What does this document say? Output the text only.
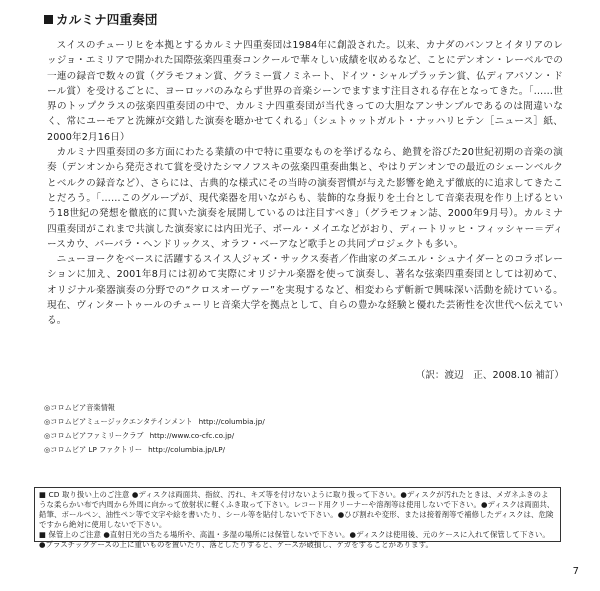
カルミナ四重奏団

スイスのチューリヒを本拠とするカルミナ四重奏団は1984年に創設された。以来、カナダのバンフとイタリアのレッジョ・エミリアで開かれた国際弦楽四重奏コンクールで華々しい成績を収めるなど、ことにデンオン・レーベルでの一連の録音で数々の賞（グラモフォン賞、グラミー賞ノミネート、ドイツ・シャルプラッテン賞、仏ディアパソン・ドール賞）を受けるごとに、ヨーロッパのみならず世界の音楽シーンでますます注目される存在となってきた。「……世界のトップクラスの弦楽四重奏団の中で、カルミナ四重奏団が当代きっての大胆なアンサンブルであるのは間違いなく、常にユーモアと洗練が交錯した演奏を聴かせてくれる」（シュトゥットガルト・ナッハリヒテン［ニュース］紙、2000年2月16日）

カルミナ四重奏団の多方面にわたる業績の中で特に重要なものを挙げるなら、絶賛を浴びた20世紀初期の音楽の演奏（デンオンから発売されて賞を受けたシマノフスキの弦楽四重奏曲集と、やはりデンオンでの最近のシェーンベルクとベルクの録音など）、さらには、古典的な様式にその当時の演奏習慣が与えた影響を絶えず徹底的に追求してきたことだろう。「……このグループが、現代楽器を用いながらも、装飾的な身振りを土台として音楽表現を作り上げるという18世紀の発想を徹底的に貫いた演奏を展開しているのは注目すべき」（グラモフォン誌、2000年9月号）。カルミナ四重奏団がこれまで共演した演奏家には内田光子、ポール・メイエなどがおり、ディートリッヒ・フィッシャー＝ディースカウ、バーバラ・ヘンドリックス、オラフ・ベーアなど歌手との共同プロジェクトも多い。

ニューヨークをベースに活躍するスイス人ジャズ・サックス奏者／作曲家のダニエル・シュナイダーとのコラボレーションに加え、2001年8月には初めて実際にオリジナル楽器を使って演奏し、著名な弦楽四重奏団としては初めて、オリジナル楽器演奏の分野での“クロスオーヴァー”を実現するなど、相変わらず斬新で興味深い活動を続けている。現在、ヴィンタートゥールのチューリヒ音楽大学を拠点として、自らの豊かな経験と優れた芸術性を次世代へ伝えている。

（訳：渡辺　正、2008.10 補訂）
◎コロムビア音楽情報
◎コロムビアミュージックエンタテインメント http://columbia.jp/
◎コロムビアファミリークラブ http://www.co-cfc.co.jp/
◎コロムビア LP ファクトリー http://columbia.jp/LP/

■ CD 取り扱い上のご注意 ●ディスクは両面共、指紋、汚れ、キズ等を付けないように取り扱って下さい。●ディスクが汚れたときは、メガネふきのような柔らかい布で内周から外周に向かって放射状に軽くふき取って下さい。レコード用クリーナーや溶剤等は使用しないで下さい。●ディスクは両面共、鉛筆、ボールペン、油性ペン等で文字や絵を書いたり、シール等を貼付しないで下さい。●ひび割れや変形、または接着剤等で補修したディスクは、危険ですから絶対に使用しないで下さい。

■ 保管上のご注意 ●直射日光の当たる場所や、高温・多湿の場所には保管しないで下さい。●ディスクは使用後、元のケースに入れて保管して下さい。●プラスチックケースの上に重いものを置いたり、落としたりすると、ケースが破損し、ケガをすることがあります。

7
